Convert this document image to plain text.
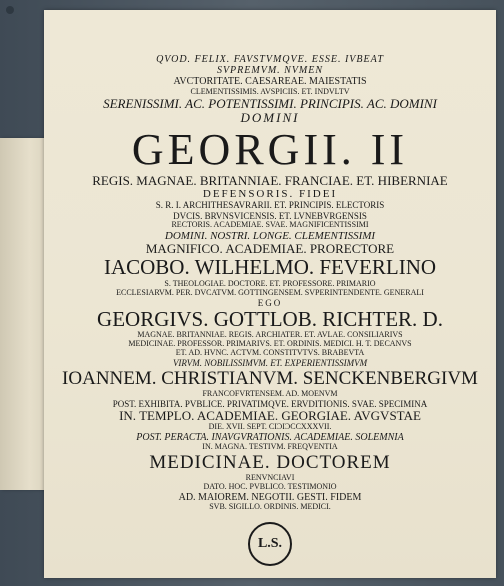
QVOD. FELIX. FAVSTVMQVE. ESSE. IVBEAT

SVPREMVM. NVMEN

AVCTORITATE. CAESAREAE. MAIESTATIS

CLEMENTISSIMIS. AVSPICIIS. ET. INDVLTV

SERENISSIMI. AC. POTENTISSIMI. PRINCIPIS. AC. DOMINI

DOMINI

GEORGII. II

REGIS. MAGNAE. BRITANNIAE. FRANCIAE. ET. HIBERNIAE

DEFENSORIS. FIDEI

S. R. I. ARCHITHESAVRARII. ET. PRINCIPIS. ELECTORIS

DVCIS. BRVNSVICENSIS. ET. LVNEBVRGENSIS

RECTORIS. ACADEMIAE. SVAE. MAGNIFICENTISSIMI

DOMINI. NOSTRI. LONGE. CLEMENTISSIMI

MAGNIFICO. ACADEMIAE. PRORECTORE

IACOBO. WILHELMO. FEVERLINO

S. THEOLOGIAE. DOCTORE. ET. PROFESSORE. PRIMARIO

ECCLESIARVM. PER. DVCATVM. GOTTINGENSEM. SVPERINTENDENTE. GENERALI

EGO

GEORGIVS. GOTTLOB. RICHTER. D.

MAGNAE. BRITANNIAE. REGIS. ARCHIATER. ET. AVLAE. CONSILIARIVS

MEDICINAE. PROFESSOR. PRIMARIVS. ET. ORDINIS. MEDICI. H. T. DECANVS

ET. AD. HVNC. ACTVM. CONSTITVTVS. BRABEVTA

VIRVM. NOBILISSIMVM. ET. EXPERIENTISSIMVM

IOANNEM. CHRISTIANVM. SENCKENBERGIVM

FRANCOFVRTENSEM. AD. MOENVM

POST. EXHIBITA. PVBLICE. PRIVATIMQVE. ERVDITIONIS. SVAE. SPECIMINA

IN. TEMPLO. ACADEMIAE. GEORGIAE. AVGVSTAE

DIE. XVII. SEPT. CIƆIƆCCXXXVII.

POST. PERACTA. INAVGVRATIONIS. ACADEMIAE. SOLEMNIA

IN. MAGNA. TESTIVM. FREQVENTIA

MEDICINAE. DOCTOREM

RENVNCIAVI

DATO. HOC. PVBLICO. TESTIMONIO

AD. MAIOREM. NEGOTII. GESTI. FIDEM

SVB. SIGILLO. ORDINIS. MEDICI.

L.S.
